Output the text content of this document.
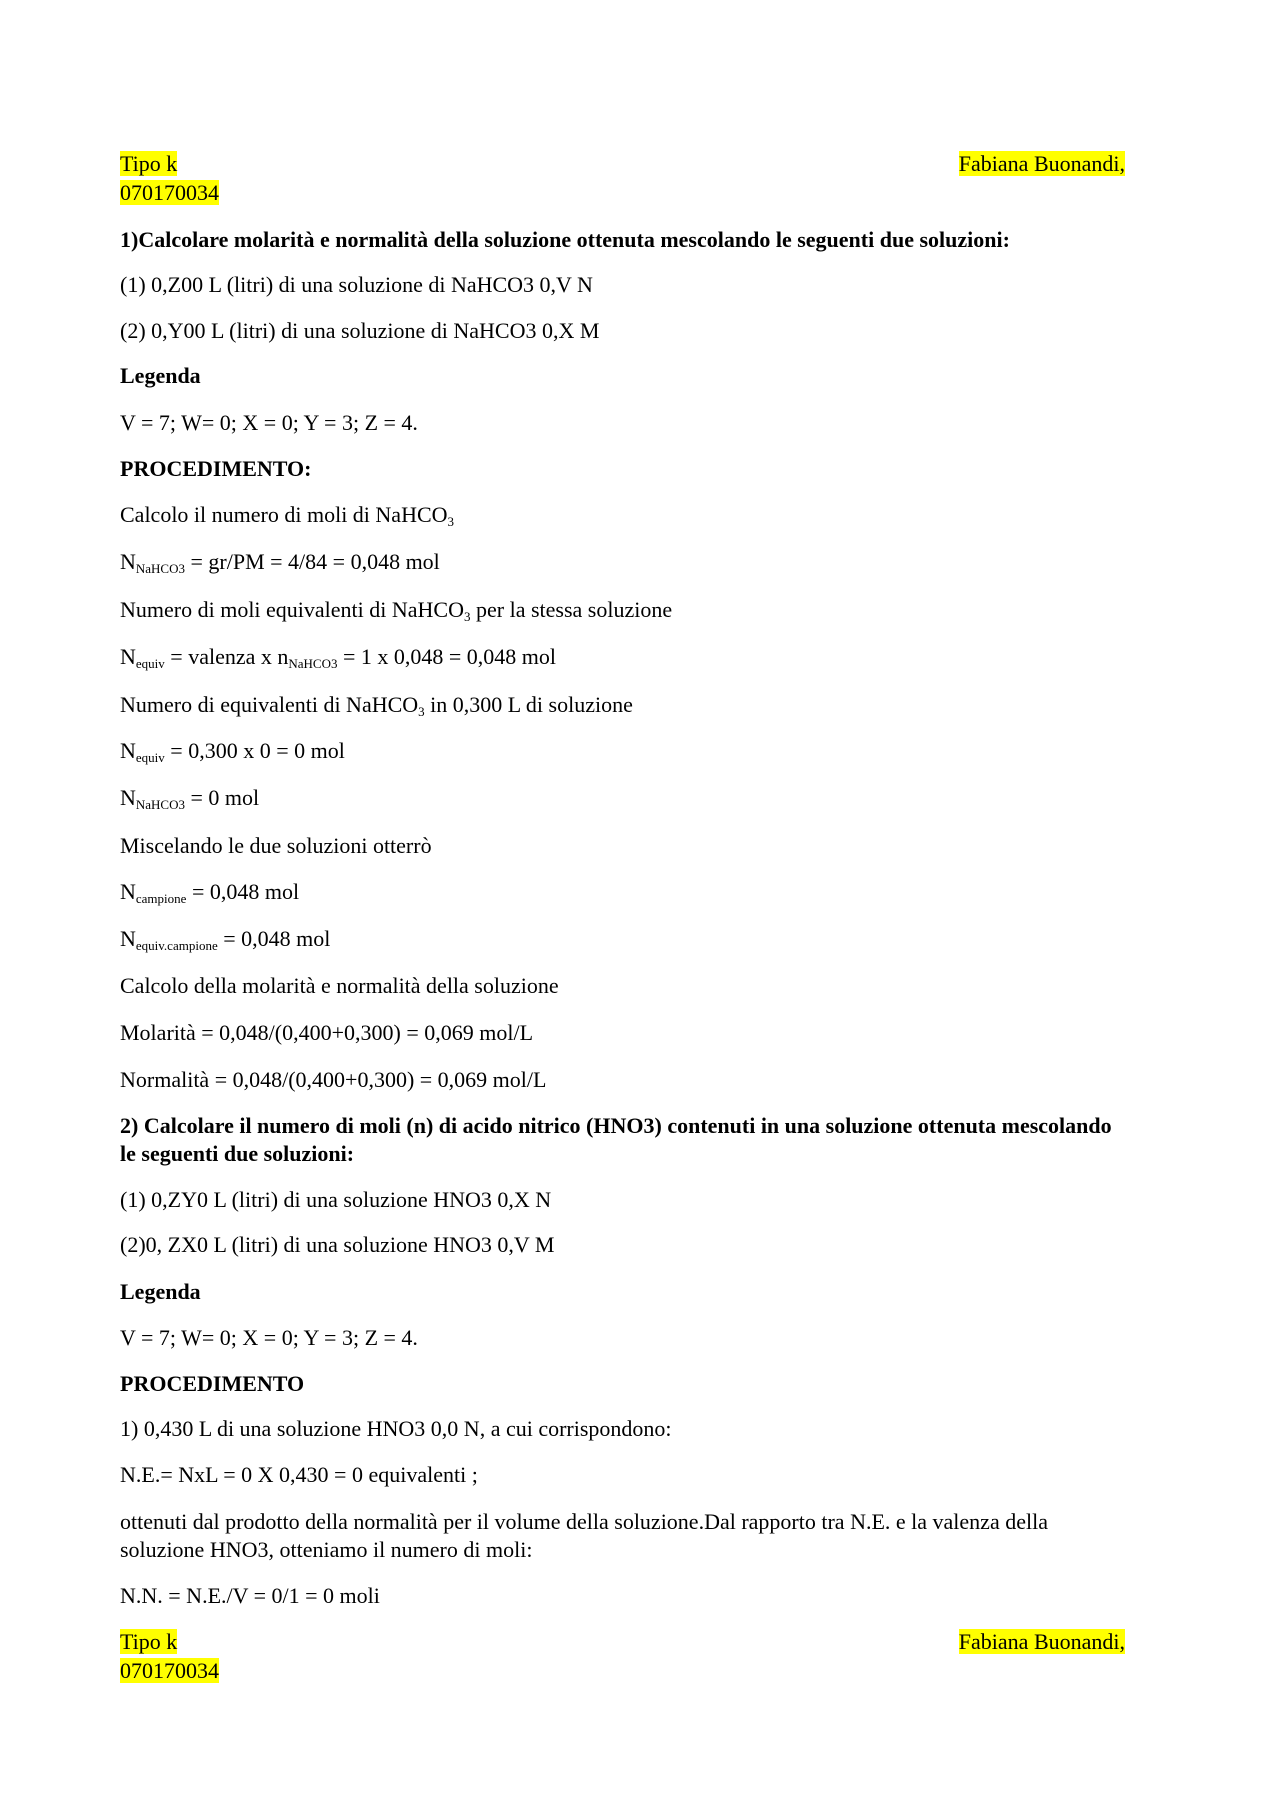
Tipo k	Fabiana Buonandi,
070170034
1)Calcolare molarità e normalità della soluzione ottenuta mescolando le seguenti due soluzioni:
(1) 0,Z00 L (litri) di una soluzione di NaHCO3 0,V N
(2) 0,Y00 L (litri) di una soluzione di NaHCO3 0,X M
Legenda
V = 7; W= 0; X = 0; Y = 3; Z = 4.
PROCEDIMENTO:
Calcolo il numero di moli di NaHCO$_3$
$N_{NaHCO3} = gr/PM = 4/84 = 0,048$ mol
Numero di moli equivalenti di NaHCO$_3$ per la stessa soluzione
$N_{equiv}$ = valenza x $n_{NaHCO3} = 1$ x 0,048 = 0,048 mol
Numero di equivalenti di NaHCO$_3$ in 0,300 L di soluzione
$N_{equiv} = 0,300$ x 0 = 0 mol
$N_{NaHCO3} = 0$ mol
Miscelando le due soluzioni otterrò
$N_{campione} = 0,048$ mol
$N_{equiv.campione} = 0,048$ mol
Calcolo della molarità e normalità della soluzione
Molarità = 0,048/(0,400+0,300) = 0,069 mol/L
Normalità = 0,048/(0,400+0,300) = 0,069 mol/L
2) Calcolare il numero di moli (n) di acido nitrico (HNO3) contenuti in una soluzione ottenuta mescolando le seguenti due soluzioni:
(1) 0,ZY0 L (litri) di una soluzione HNO3 0,X N
(2)0, ZX0 L (litri) di una soluzione HNO3 0,V M
Legenda
V = 7; W= 0; X = 0; Y = 3; Z = 4.
PROCEDIMENTO
1) 0,430 L di una soluzione HNO3 0,0 N, a cui corrispondono:
N.E.= NxL = 0 X 0,430 = 0 equivalenti ;
ottenuti dal prodotto della normalità per il volume della soluzione.Dal rapporto tra N.E. e la valenza della soluzione HNO3, otteniamo il numero di moli:
N.N. = N.E./V = 0/1 = 0 moli
Tipo k	Fabiana Buonandi,
070170034
